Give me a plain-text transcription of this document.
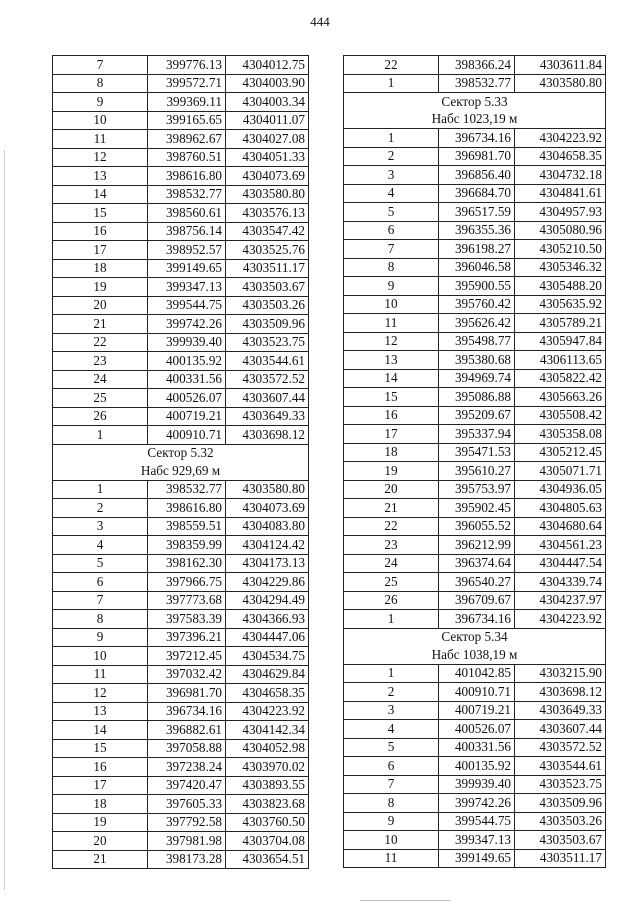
444
7	399776.13	4304012.75
8	399572.71	4304003.90
9	399369.11	4304003.34
10	399165.65	4304011.07
11	398962.67	4304027.08
12	398760.51	4304051.33
13	398616.80	4304073.69
14	398532.77	4303580.80
15	398560.61	4303576.13
16	398756.14	4303547.42
17	398952.57	4303525.76
18	399149.65	4303511.17
19	399347.13	4303503.67
20	399544.75	4303503.26
21	399742.26	4303509.96
22	399939.40	4303523.75
23	400135.92	4303544.61
24	400331.56	4303572.52
25	400526.07	4303607.44
26	400719.21	4303649.33
1	400910.71	4303698.12
Сектор 5.32		
Набс 929,69 м		
1	398532.77	4303580.80
2	398616.80	4304073.69
3	398559.51	4304083.80
4	398359.99	4304124.42
5	398162.30	4304173.13
6	397966.75	4304229.86
7	397773.68	4304294.49
8	397583.39	4304366.93
9	397396.21	4304447.06
10	397212.45	4304534.75
11	397032.42	4304629.84
12	396981.70	4304658.35
13	396734.16	4304223.92
14	396882.61	4304142.34
15	397058.88	4304052.98
16	397238.24	4303970.02
17	397420.47	4303893.55
18	397605.33	4303823.68
19	397792.58	4303760.50
20	397981.98	4303704.08
21	398173.28	4303654.51
22	398366.24	4303611.84
1	398532.77	4303580.80
Сектор 5.33		
Набс 1023,19 м		
1	396734.16	4304223.92
2	396981.70	4304658.35
3	396856.40	4304732.18
4	396684.70	4304841.61
5	396517.59	4304957.93
6	396355.36	4305080.96
7	396198.27	4305210.50
8	396046.58	4305346.32
9	395900.55	4305488.20
10	395760.42	4305635.92
11	395626.42	4305789.21
12	395498.77	4305947.84
13	395380.68	4306113.65
14	394969.74	4305822.42
15	395086.88	4305663.26
16	395209.67	4305508.42
17	395337.94	4305358.08
18	395471.53	4305212.45
19	395610.27	4305071.71
20	395753.97	4304936.05
21	395902.45	4304805.63
22	396055.52	4304680.64
23	396212.99	4304561.23
24	396374.64	4304447.54
25	396540.27	4304339.74
26	396709.67	4304237.97
1	396734.16	4304223.92
Сектор 5.34		
Набс 1038,19 м		
1	401042.85	4303215.90
2	400910.71	4303698.12
3	400719.21	4303649.33
4	400526.07	4303607.44
5	400331.56	4303572.52
6	400135.92	4303544.61
7	399939.40	4303523.75
8	399742.26	4303509.96
9	399544.75	4303503.26
10	399347.13	4303503.67
11	399149.65	4303511.17
